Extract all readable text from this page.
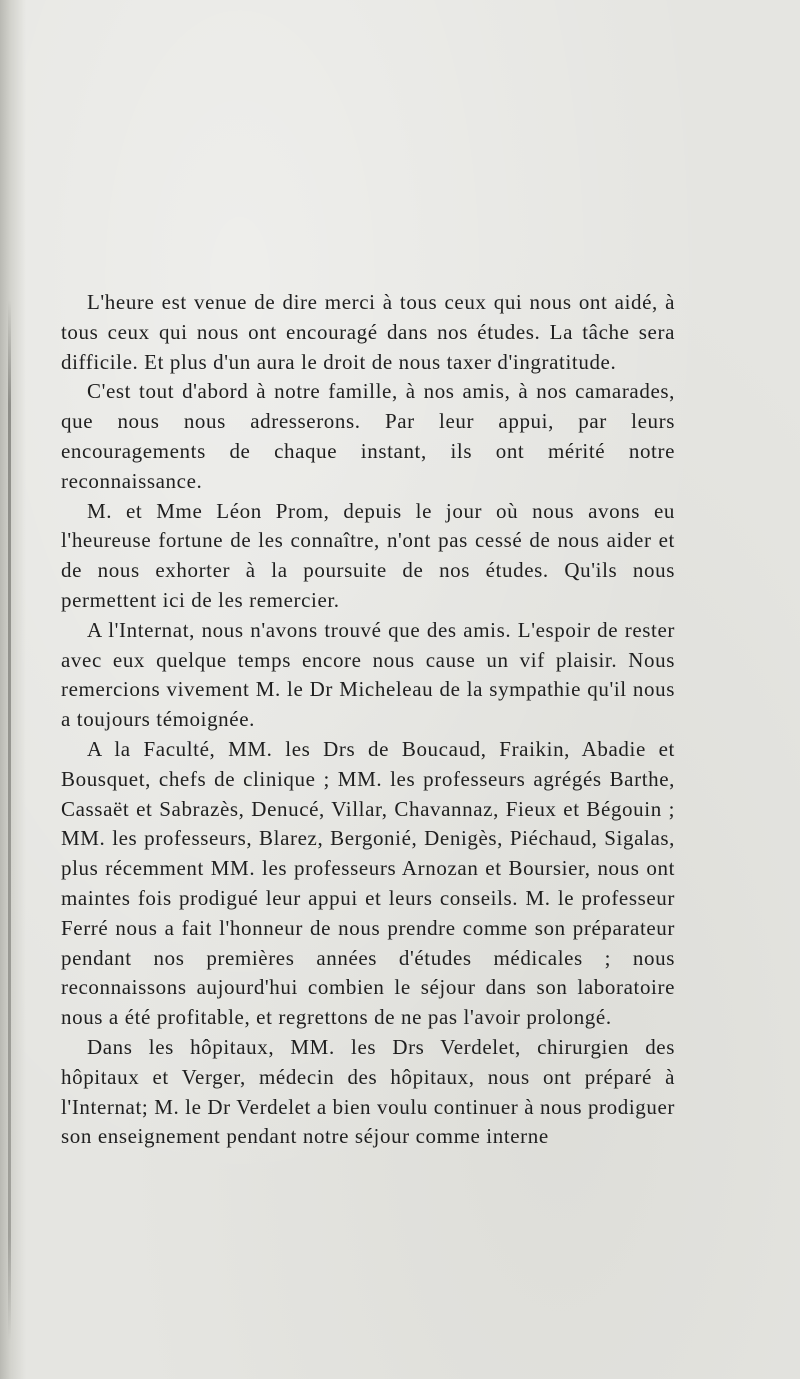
L'heure est venue de dire merci à tous ceux qui nous ont aidé, à tous ceux qui nous ont encouragé dans nos études. La tâche sera difficile. Et plus d'un aura le droit de nous taxer d'ingratitude.

C'est tout d'abord à notre famille, à nos amis, à nos camarades, que nous nous adresserons. Par leur appui, par leurs encouragements de chaque instant, ils ont mérité notre reconnaissance.

M. et Mme Léon Prom, depuis le jour où nous avons eu l'heureuse fortune de les connaître, n'ont pas cessé de nous aider et de nous exhorter à la poursuite de nos études. Qu'ils nous permettent ici de les remercier.

A l'Internat, nous n'avons trouvé que des amis. L'espoir de rester avec eux quelque temps encore nous cause un vif plaisir. Nous remercions vivement M. le Dr Micheleau de la sympathie qu'il nous a toujours témoignée.

A la Faculté, MM. les Drs de Boucaud, Fraikin, Abadie et Bousquet, chefs de clinique ; MM. les professeurs agrégés Barthe, Cassaët et Sabrazès, Denucé, Villar, Chavannaz, Fieux et Bégouin ; MM. les professeurs, Blarez, Bergonié, Denigès, Piéchaud, Sigalas, plus récemment MM. les professeurs Arnozan et Boursier, nous ont maintes fois prodigué leur appui et leurs conseils. M. le professeur Ferré nous a fait l'honneur de nous prendre comme son préparateur pendant nos premières années d'études médicales ; nous reconnaissons aujourd'hui combien le séjour dans son laboratoire nous a été profitable, et regrettons de ne pas l'avoir prolongé.

Dans les hôpitaux, MM. les Drs Verdelet, chirurgien des hôpitaux et Verger, médecin des hôpitaux, nous ont préparé à l'Internat; M. le Dr Verdelet a bien voulu continuer à nous prodiguer son enseignement pendant notre séjour comme interne
